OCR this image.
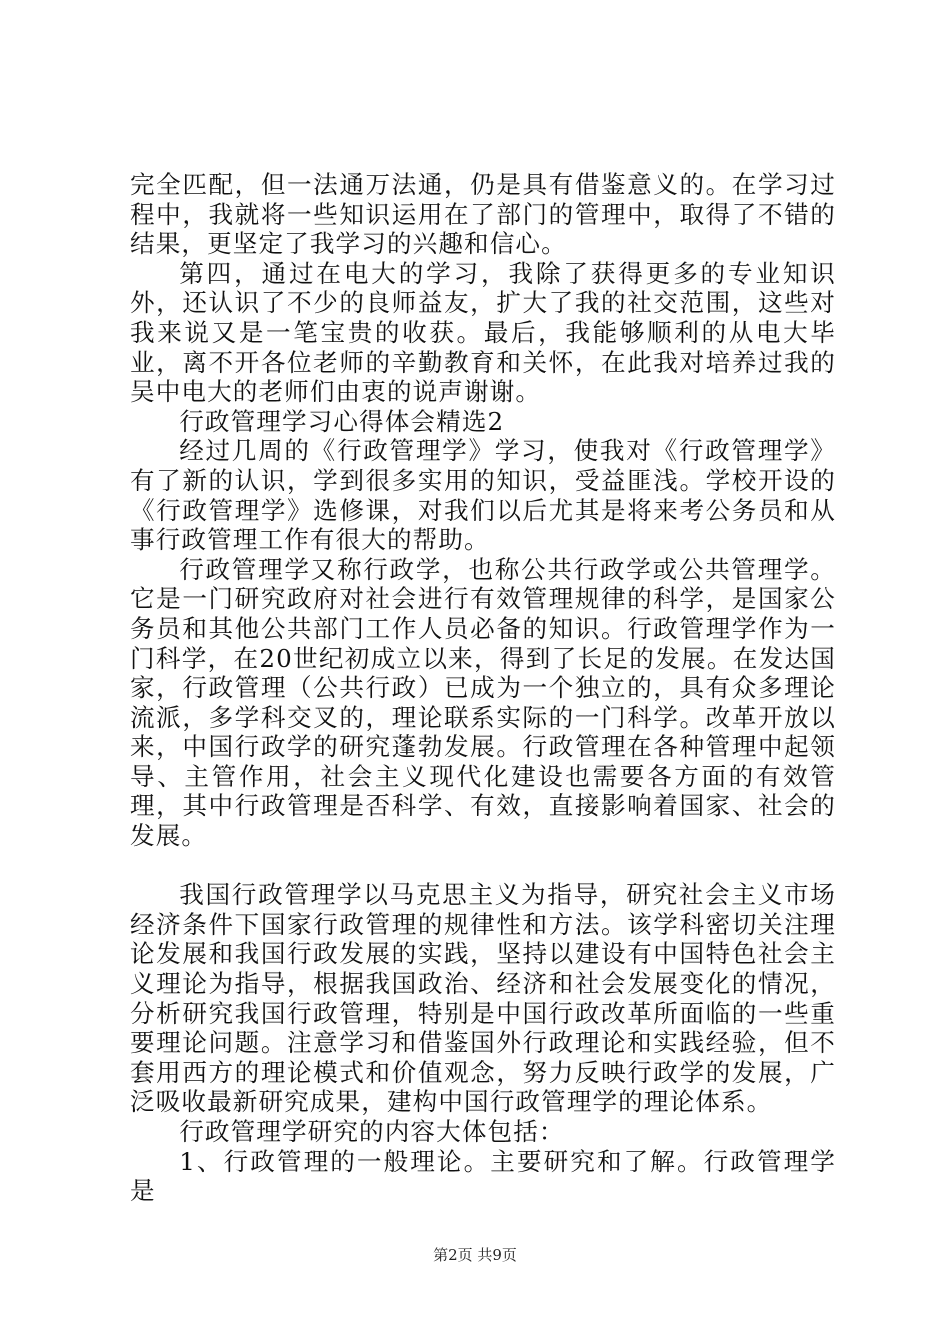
完全匹配，但一法通万法通，仍是具有借鉴意义的。在学习过程中，我就将一些知识运用在了部门的管理中，取得了不错的结果，更坚定了我学习的兴趣和信心。

第四，通过在电大的学习，我除了获得更多的专业知识外，还认识了不少的良师益友，扩大了我的社交范围，这些对我来说又是一笔宝贵的收获。最后，我能够顺利的从电大毕业，离不开各位老师的辛勤教育和关怀，在此我对培养过我的吴中电大的老师们由衷的说声谢谢。

行政管理学习心得体会精选2

经过几周的《行政管理学》学习，使我对《行政管理学》有了新的认识，学到很多实用的知识，受益匪浅。学校开设的《行政管理学》选修课，对我们以后尤其是将来考公务员和从事行政管理工作有很大的帮助。

行政管理学又称行政学，也称公共行政学或公共管理学。它是一门研究政府对社会进行有效管理规律的科学，是国家公务员和其他公共部门工作人员必备的知识。行政管理学作为一门科学，在20世纪初成立以来，得到了长足的发展。在发达国家，行政管理（公共行政）已成为一个独立的，具有众多理论流派，多学科交叉的，理论联系实际的一门科学。改革开放以来，中国行政学的研究蓬勃发展。行政管理在各种管理中起领导、主管作用，社会主义现代化建设也需要各方面的有效管理，其中行政管理是否科学、有效，直接影响着国家、社会的发展。

我国行政管理学以马克思主义为指导，研究社会主义市场经济条件下国家行政管理的规律性和方法。该学科密切关注理论发展和我国行政发展的实践，坚持以建设有中国特色社会主义理论为指导，根据我国政治、经济和社会发展变化的情况，分析研究我国行政管理，特别是中国行政改革所面临的一些重要理论问题。注意学习和借鉴国外行政理论和实践经验，但不套用西方的理论模式和价值观念，努力反映行政学的发展，广泛吸收最新研究成果，建构中国行政管理学的理论体系。

行政管理学研究的内容大体包括：

1、行政管理的一般理论。主要研究和了解。行政管理学是

第2页 共9页
